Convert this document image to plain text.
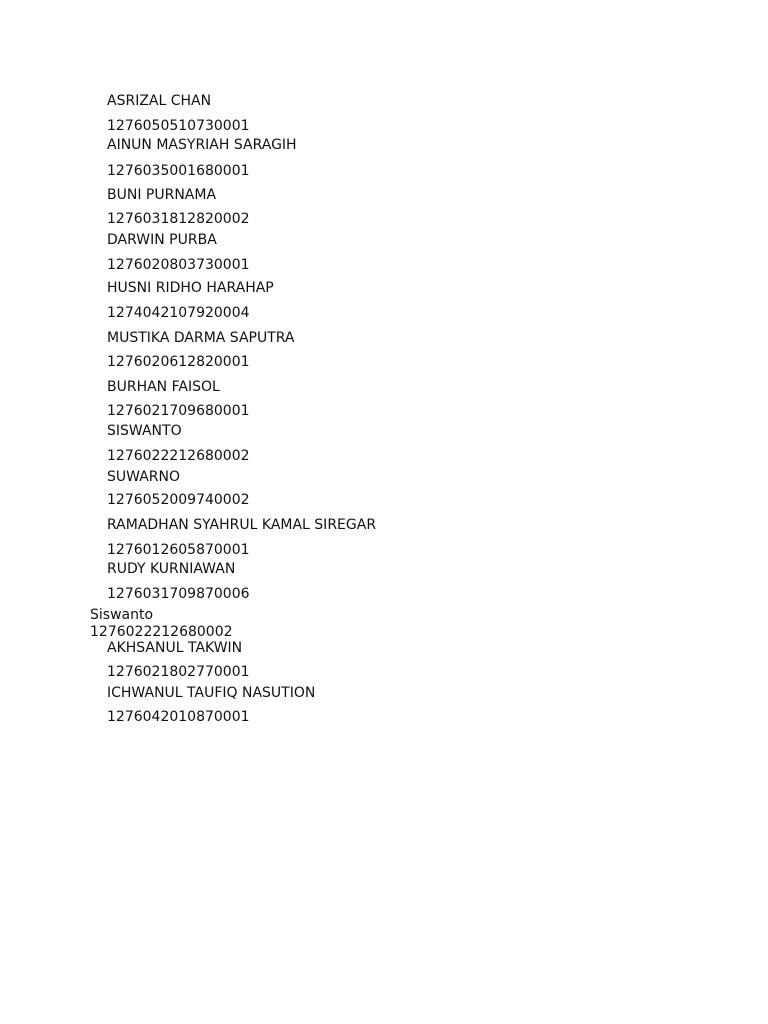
ASRIZAL CHAN

1276050510730001

AINUN MASYRIAH SARAGIH

1276035001680001

BUNI PURNAMA

1276031812820002

DARWIN PURBA

1276020803730001

HUSNI RIDHO HARAHAP

1274042107920004

MUSTIKA DARMA SAPUTRA

1276020612820001

BURHAN FAISOL

1276021709680001

SISWANTO

1276022212680002

SUWARNO

1276052009740002

RAMADHAN SYAHRUL KAMAL SIREGAR

1276012605870001

RUDY KURNIAWAN

1276031709870006

Siswanto

1276022212680002

AKHSANUL TAKWIN

1276021802770001

ICHWANUL TAUFIQ NASUTION

1276042010870001
